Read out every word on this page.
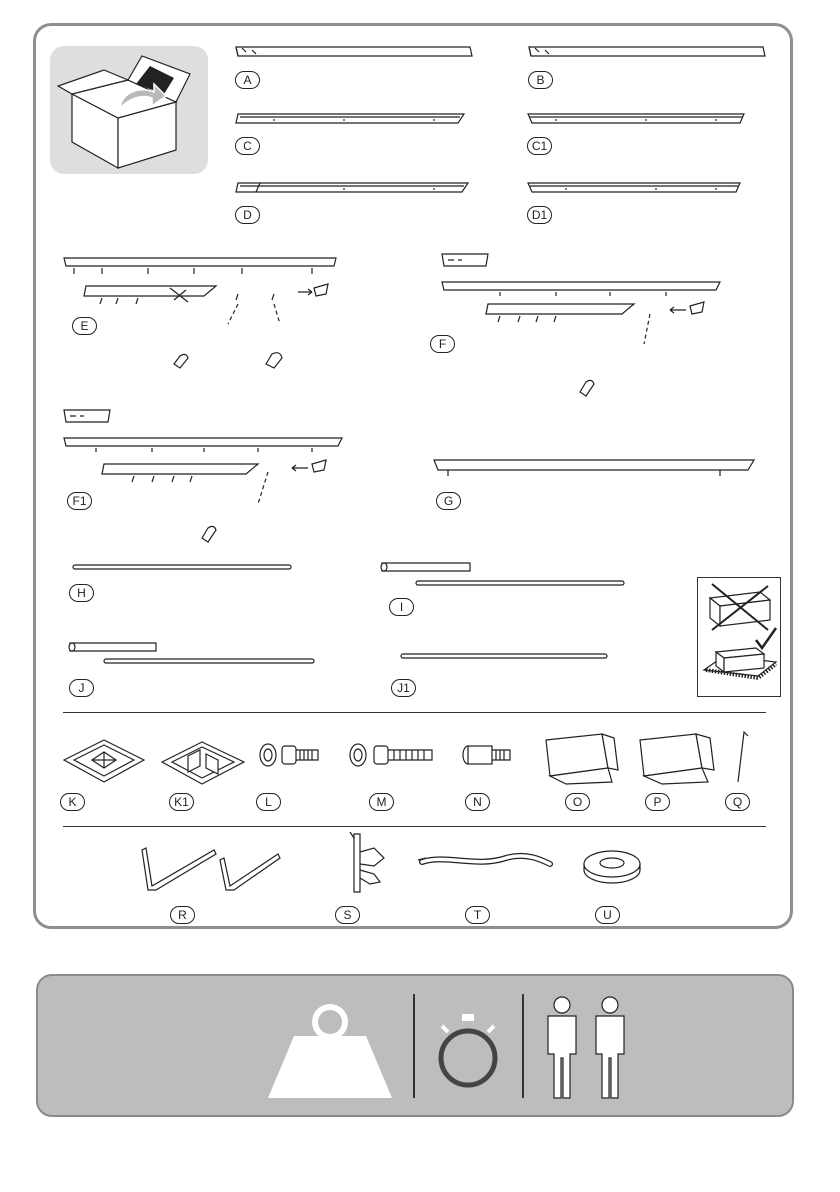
A	B
C	C1
D	D1
E
F
F1	G
H
I
J	J1
K	K1	L	M	N	O	P	Q
R	S	T	U
